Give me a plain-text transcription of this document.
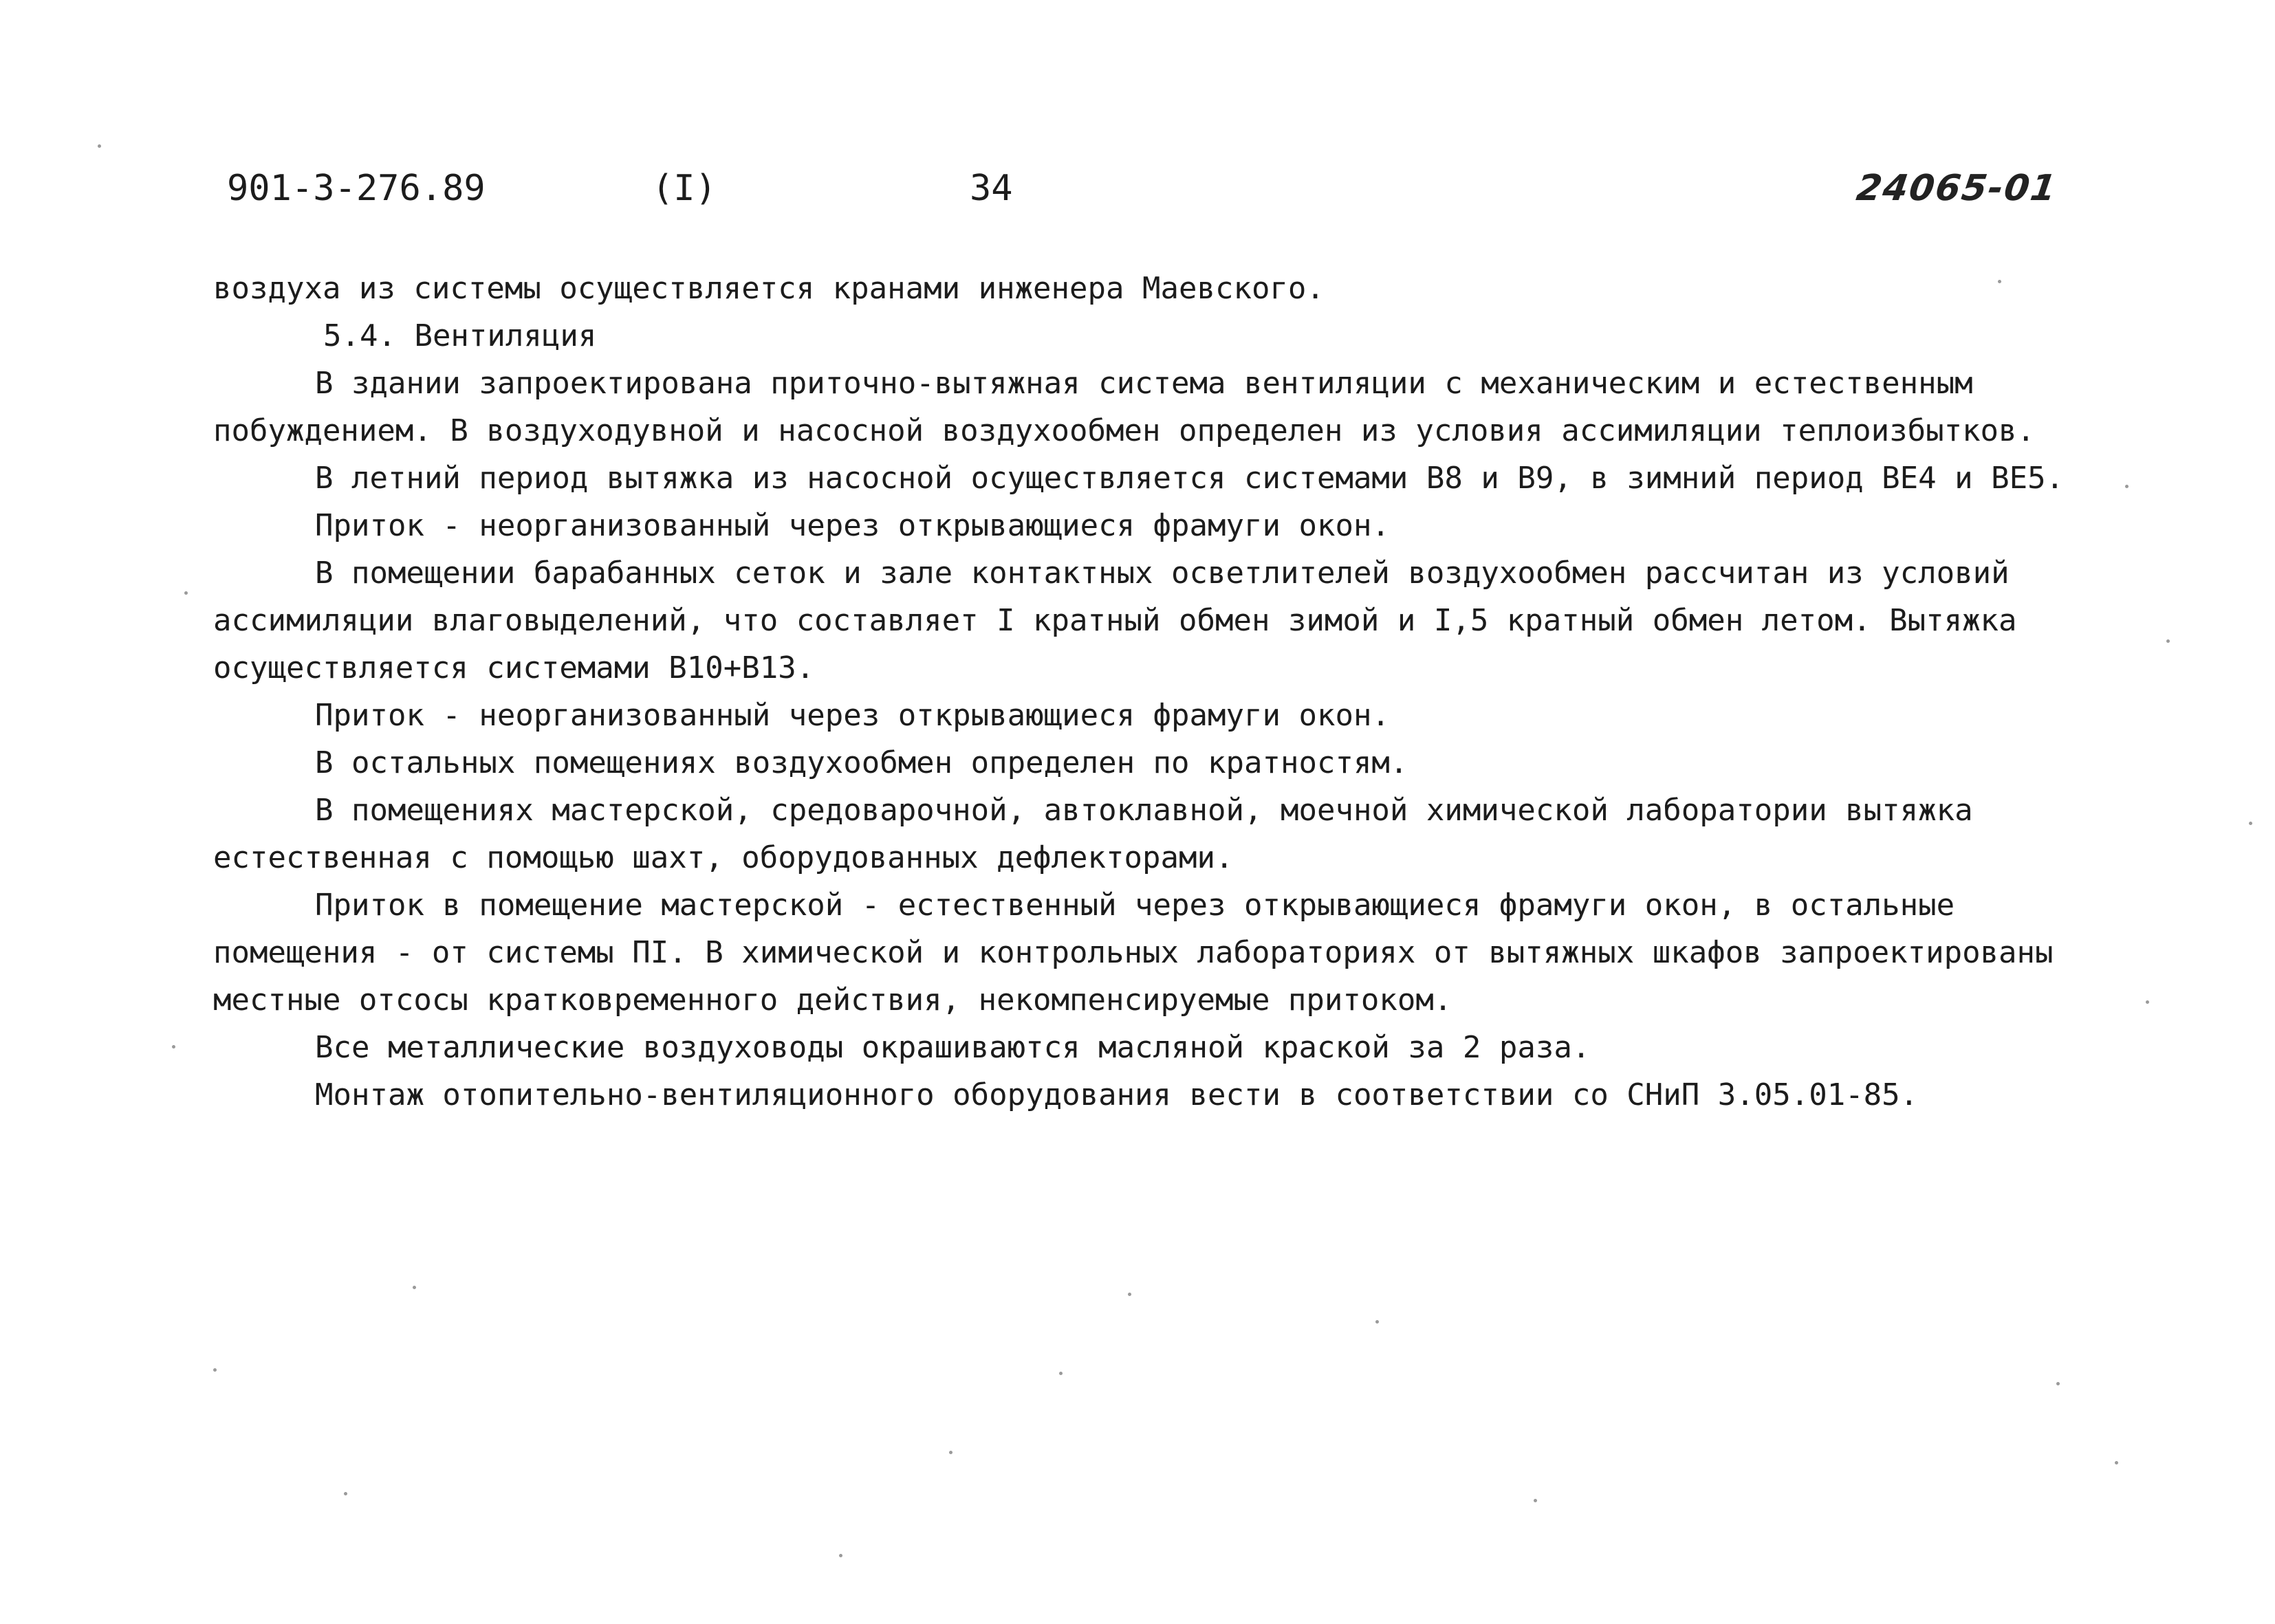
901-3-276.89	(I)	34	24065-01

воздуха из системы осуществляется кранами инженера Маевского.

5.4. Вентиляция

В здании запроектирована приточно-вытяжная система вентиляции с механическим и естественным побуждением. В воздуходувной и насосной воздухообмен определен из условия ассимиляции теплоизбытков.

В летний период вытяжка из насосной осуществляется системами В8 и В9, в зимний период ВЕ4 и ВЕ5.

Приток - неорганизованный через открывающиеся фрамуги окон.

В помещении барабанных сеток и зале контактных осветлителей воздухообмен рассчитан из условий ассимиляции влаговыделений, что составляет I кратный обмен зимой и I,5 кратный обмен летом. Вытяжка осуществляется системами В10+В13.

Приток - неорганизованный через открывающиеся фрамуги окон.

В остальных помещениях воздухообмен определен по кратностям.

В помещениях мастерской, средоварочной, автоклавной, моечной химической лаборатории вытяжка естественная с помощью шахт, оборудованных дефлекторами.

Приток в помещение мастерской - естественный через открывающиеся фрамуги окон, в остальные помещения - от системы ПI. В химической и контрольных лабораториях от вытяжных шкафов запроектированы местные отсосы кратковременного действия, некомпенсируемые притоком.

Все металлические воздуховоды окрашиваются масляной краской за 2 раза.

Монтаж отопительно-вентиляционного оборудования вести в соответствии со СНиП 3.05.01-85.
